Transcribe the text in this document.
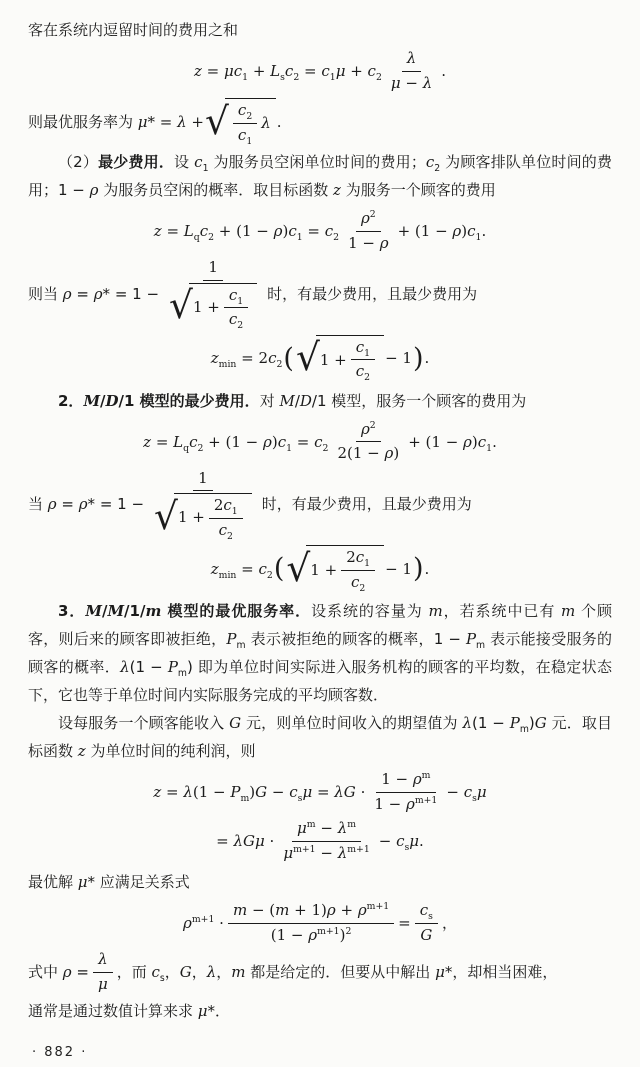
客在系统内逗留时间的费用之和

$z = \mu c_1 + L_sc_2 = c_1\mu + c_2 \frac{\lambda}{\mu - \lambda}$ .
则最优服务率为 μ* = λ + √ $\frac{c_2}{c_1}$ λ .

（2）最少费用．设 $c_1$ 为服务员空闲单位时间的费用；$c_2$ 为顾客排队单位时间的费用；1 − ρ 为服务员空闲的概率．取目标函数 z 为服务一个顾客的费用

$z = L_qc_2 + (1 - \rho)c_1 = c_2 \frac{\rho^2}{1 - \rho} + (1 - \rho)c_1$.
则当 $\rho = \rho* = 1 - \frac{1}{√ 1 + \frac{c_1}{c_2}}$ 时，有最少费用，且最少费用为
$z_{min} = 2c_2$ ( √ $1 + \frac{c_1}{c_2} - 1$ ) .

2．M/D/1 模型的最少费用．对 M/D/1 模型，服务一个顾客的费用为

$z = L_qc_2 + (1 - \rho)c_1 = c_2 \frac{\rho^2}{2(1 - \rho)} + (1 - \rho)c_1$.
当 $\rho = \rho* = 1 - \frac{1}{√ 1 + \frac{2c_1}{c_2}}$ 时，有最少费用，且最少费用为
$z_{min} = c_2$ ( √ $1 + \frac{2c_1}{c_2} - 1$ ) .

3．M/M/1/m 模型的最优服务率．设系统的容量为 m，若系统中已有 m 个顾客，则后来的顾客即被拒绝，$P_m$ 表示被拒绝的顾客的概率，$1 - P_m$ 表示能接受服务的顾客的概率．$\lambda(1 - P_m)$ 即为单位时间实际进入服务机构的顾客的平均数，在稳定状态下，它也等于单位时间内实际服务完成的平均顾客数．

设每服务一个顾客能收入 G 元，则单位时间收入的期望值为 $\lambda(1 - P_m)G$ 元．取目标函数 z 为单位时间的纯利润，则

$z = \lambda(1 - P_m)G - c_s\mu = \lambda G \cdot \frac{1 - \rho^m}{1 - \rho^{m+1}} - c_s\mu$
= $\lambda G\mu \cdot \frac{\mu^m - \lambda^m}{\mu^{m+1} - \lambda^{m+1}} - c_s\mu$.

最优解 μ* 应满足关系式

$\rho^{m+1} \cdot \frac{m - (m + 1)\rho + \rho^{m+1}}{(1 - \rho^{m+1})^2} = \frac{c_s}{G}$ ，
式中 $\rho = \frac{\lambda}{\mu}$ ，而 $c_s$，G，λ，m 都是给定的．但要从中解出 μ*，却相当困难，

通常是通过数值计算来求 μ*．

· 882 ·
